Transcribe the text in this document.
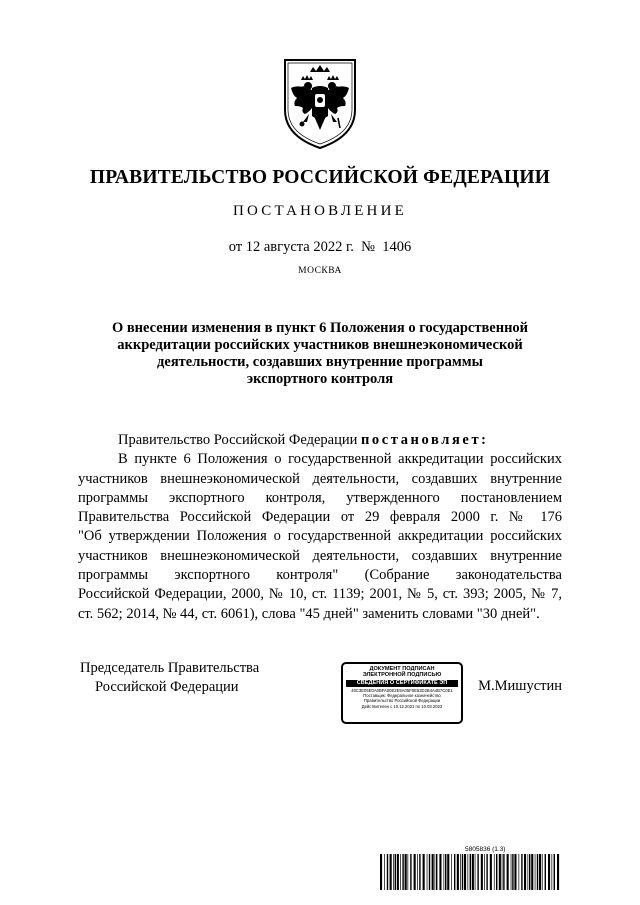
ПРАВИТЕЛЬСТВО РОССИЙСКОЙ ФЕДЕРАЦИИ
ПОСТАНОВЛЕНИЕ
от 12 августа 2022 г.  №  1406
МОСКВА
О внесении изменения в пункт 6 Положения о государственной
аккредитации российских участников внешнеэкономической
деятельности, создавших внутренние программы
экспортного контроля
Правительство Российской Федерации постановляет:
В пункте 6 Положения о государственной аккредитации российских
участников внешнеэкономической деятельности, создавших внутренние
программы экспортного контроля, утвержденного постановлением
Правительства Российской Федерации от 29 февраля 2000 г. № 176
"Об утверждении Положения о государственной аккредитации российских
участников внешнеэкономической деятельности, создавших внутренние
программы экспортного контроля" (Собрание законодательства
Российской Федерации, 2000, № 10, ст. 1139; 2001, № 5, ст. 393; 2005, № 7,
ст. 562; 2014, № 44, ст. 6061), слова "45 дней" заменить словами "30 дней".
Председатель Правительства
Российской Федерации
ДОКУМЕНТ ПОДПИСАН
ЭЛЕКТРОННОЙ ПОДПИСЬЮ
СВЕДЕНИЯ О СЕРТИФИКАТЕ ЭП
40C3E05E0A0BFA00E2E9A05F0E53D2B4A4B7C0E1
Поставщик: Федеральное казначейство
Правительство Российской Федерации
Действителен с 10.12.2021 по 10.03.2023
М.Мишустин
5805836 (1.3)
